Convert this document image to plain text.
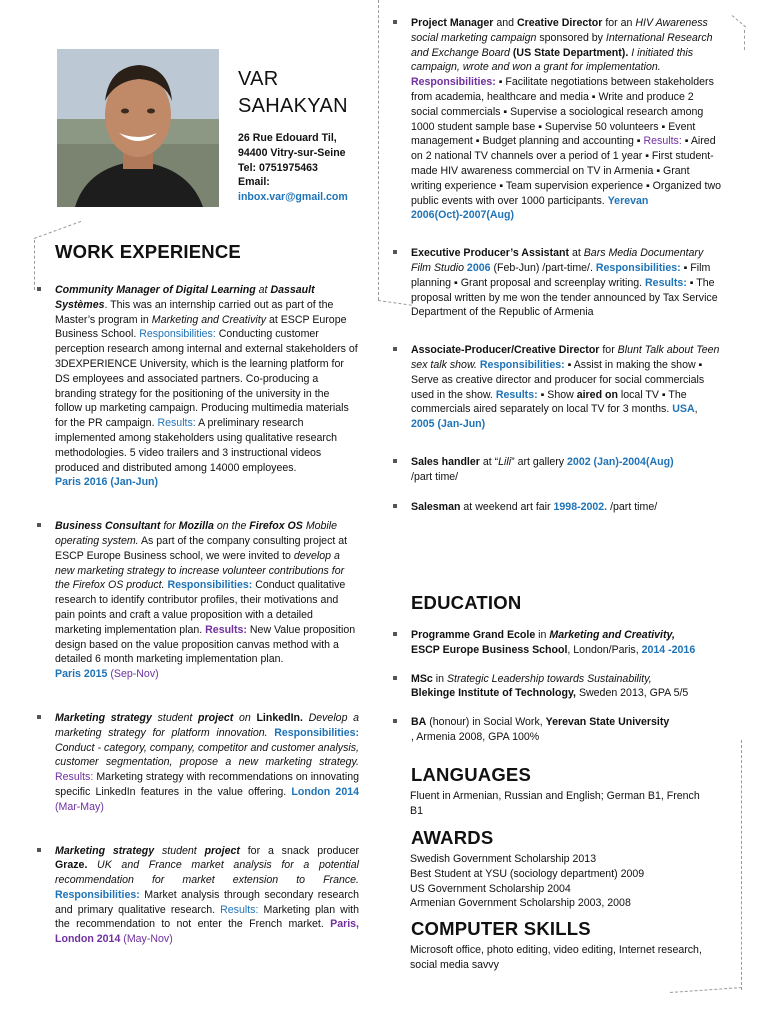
VAR
SAHAKYAN
26 Rue Edouard Til,
94400 Vitry-sur-Seine
Tel: 0751975463
Email:
inbox.var@gmail.com
WORK EXPERIENCE
Community Manager of Digital Learning at Dassault Systèmes. This was an internship carried out as part of the Master’s program in Marketing and Creativity at ESCP Europe Business School. Responsibilities: Conducting customer perception research among internal and external stakeholders of 3DEXPERIENCE University, which is the learning platform for DS employees and associated partners. Co-producing a branding strategy for the positioning of the university in the follow up marketing campaign. Producing multimedia materials for the PR campaign. Results: A preliminary research implemented among stakeholders using qualitative research methodologies. 5 video trailers and 3 instructional videos produced and distributed among 14000 employees.
Paris 2016 (Jan-Jun)
Business Consultant for Mozilla on the Firefox OS Mobile operating system. As part of the company consulting project at ESCP Europe Business school, we were invited to develop a new marketing strategy to increase volunteer contributions for the Firefox OS product. Responsibilities: Conduct qualitative research to identify contributor profiles, their motivations and pain points and craft a value proposition with a detailed marketing implementation plan. Results: New Value proposition design based on the value proposition canvas method with a detailed 6 month marketing implementation plan.
Paris 2015 (Sep-Nov)
Marketing strategy student project on LinkedIn. Develop a marketing strategy for platform innovation. Responsibilities: Conduct - category, company, competitor and customer analysis, customer segmentation, propose a new marketing strategy. Results: Marketing strategy with recommendations on innovating specific LinkedIn features in the value offering. London 2014 (Mar-May)
Marketing strategy student project for a snack producer Graze. UK and France market analysis for a potential recommendation for market extension to France. Responsibilities: Market analysis through secondary research and primary qualitative research. Results: Marketing plan with the recommendation to not enter the French market. Paris, London 2014 (May-Nov)
Project Manager and Creative Director for an HIV Awareness social marketing campaign sponsored by International Research and Exchange Board (US State Department). I initiated this campaign, wrote and won a grant for implementation. Responsibilities: ▪ Facilitate negotiations between stakeholders from academia, healthcare and media ▪ Write and produce 2 social commercials ▪ Supervise a sociological research among 1000 student sample base ▪ Supervise 50 volunteers ▪ Event management ▪ Budget planning and accounting ▪ Results: ▪ Aired on 2 national TV channels over a period of 1 year ▪ First student-made HIV awareness commercial on TV in Armenia ▪ Grant writing experience ▪ Team supervision experience ▪ Organized two public events with over 1000 participants. Yerevan 2006(Oct)-2007(Aug)
Executive Producer’s Assistant at Bars Media Documentary Film Studio 2006 (Feb-Jun) /part-time/. Responsibilities: ▪ Film planning ▪ Grant proposal and screenplay writing. Results: ▪ The proposal written by me won the tender announced by Tax Service Department of the Republic of Armenia
Associate-Producer/Creative Director for Blunt Talk about Teen sex talk show. Responsibilities: ▪ Assist in making the show ▪ Serve as creative director and producer for social commercials used in the show. Results: ▪ Show aired on local TV ▪ The commercials aired separately on local TV for 3 months. USA, 2005 (Jan-Jun)
Sales handler at “Lili” art gallery 2002 (Jan)-2004(Aug)
/part time/
Salesman at weekend art fair 1998-2002. /part time/
EDUCATION
Programme Grand Ecole in Marketing and Creativity,
ESCP Europe Business School, London/Paris, 2014 -2016
MSc in Strategic Leadership towards Sustainability,
Blekinge Institute of Technology, Sweden 2013, GPA 5/5
BA (honour) in Social Work, Yerevan State University
, Armenia 2008, GPA 100%
LANGUAGES
Fluent in Armenian, Russian and English; German B1, French B1
AWARDS
Swedish Government Scholarship 2013
Best Student at YSU (sociology department) 2009
US Government Scholarship 2004
Armenian Government Scholarship 2003, 2008
COMPUTER SKILLS
Microsoft office, photo editing, video editing, Internet research, social media savvy
